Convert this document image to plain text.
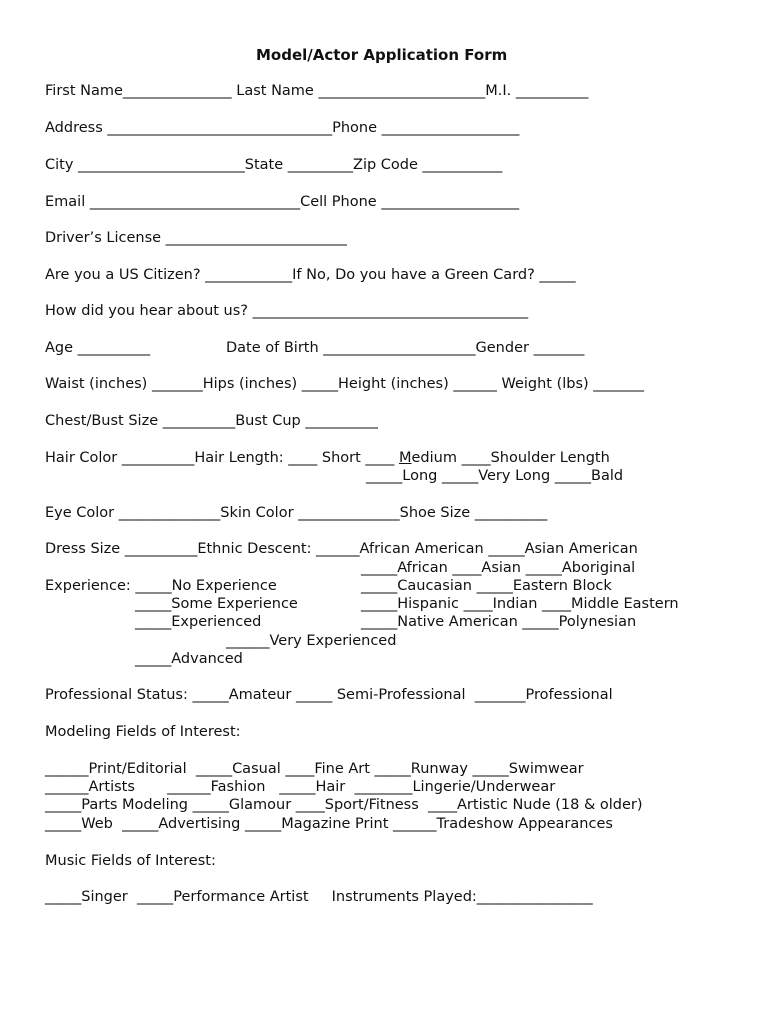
Model/Actor Application Form
First Name_______________ Last Name _______________________M.I. __________
Address _______________________________Phone ___________________
City _______________________State _________Zip Code ___________
Email _____________________________Cell Phone ___________________
Driver’s License _________________________
Are you a US Citizen? ____________If No, Do you have a Green Card? _____
How did you hear about us? ______________________________________
Age __________	Date of Birth _____________________Gender _______
Waist (inches) _______Hips (inches) _____Height (inches) ______ Weight (lbs) _______
Chest/Bust Size __________Bust Cup __________
Hair Color __________Hair Length: ____ Short ____ Medium ____Shoulder Length
_____Long _____Very Long _____Bald
Eye Color ______________Skin Color ______________Shoe Size __________
Dress Size __________Ethnic Descent: ______African American _____Asian American
_____African ____Asian _____Aboriginal
Experience: _____No Experience	_____Caucasian _____Eastern Block
_____Some Experience	_____Hispanic ____Indian ____Middle Eastern
_____Experienced	_____Native American _____Polynesian
______Very Experienced
_____Advanced
Professional Status: _____Amateur _____ Semi-Professional  _______Professional
Modeling Fields of Interest:
______Print/Editorial  _____Casual ____Fine Art _____Runway _____Swimwear
______Artists       ______Fashion   _____Hair  ________Lingerie/Underwear
_____Parts Modeling _____Glamour ____Sport/Fitness  ____Artistic Nude (18 & older)
_____Web  _____Advertising _____Magazine Print ______Tradeshow Appearances
Music Fields of Interest:
_____Singer  _____Performance Artist     Instruments Played:________________
